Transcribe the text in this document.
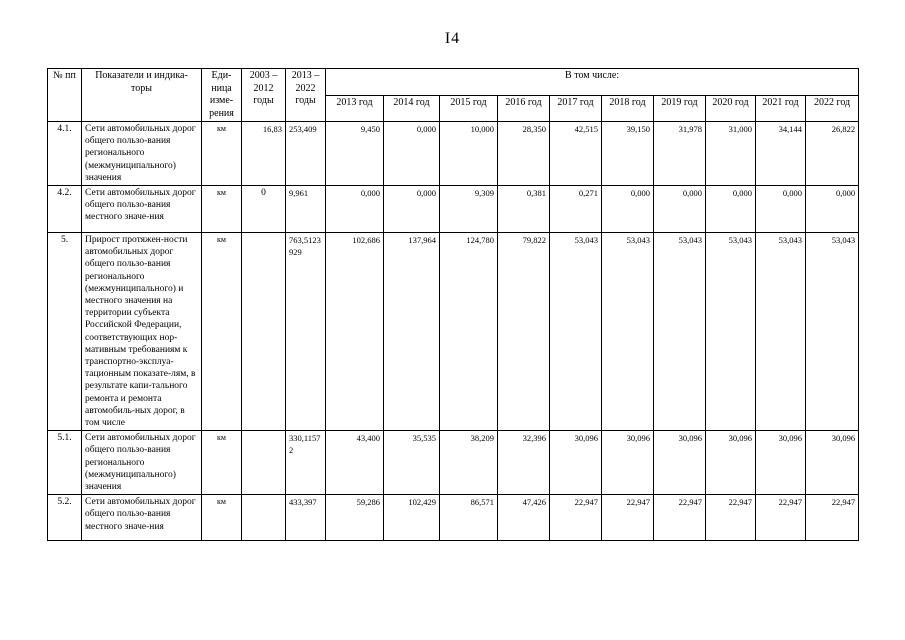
I4
№ пп	Показатели и индика-торы	Еди-ница изме-рения	2003 – 2012 годы	2013 – 2022 годы	В том числе:									
					2013 год	2014 год	2015 год	2016 год	2017 год	2018 год	2019 год	2020 год	2021 год	2022 год
4.1.	Сети автомобильных дорог общего пользо-вания регионального (межмуниципального) значения	км	16,83	253,409	9,450	0,000	10,000	28,350	42,515	39,150	31,978	31,000	34,144	26,822
4.2.	Сети автомобильных дорог общего пользо-вания местного значе-ния	км	0	9,961	0,000	0,000	9,309	0,381	0,271	0,000	0,000	0,000	0,000	0,000
5.	Прирост протяжен-ности автомобильных дорог общего пользо-вания регионального (межмуниципального) и местного значения на территории субъекта Российской Федерации, соответствующих нор-мативным требованиям к транспортно-эксплуа-тационным показате-лям, в результате капи-тального ремонта и ремонта автомобиль-ных дорог, в том числе	км		763,5123929	102,686	137,964	124,780	79,822	53,043	53,043	53,043	53,043	53,043	53,043
5.1.	Сети автомобильных дорог общего пользо-вания регионального (межмуниципального) значения	км		330,11572	43,400	35,535	38,209	32,396	30,096	30,096	30,096	30,096	30,096	30,096
5.2.	Сети автомобильных дорог общего пользо-вания местного значе-ния	км		433,397	59,286	102,429	86,571	47,426	22,947	22,947	22,947	22,947	22,947	22,947
